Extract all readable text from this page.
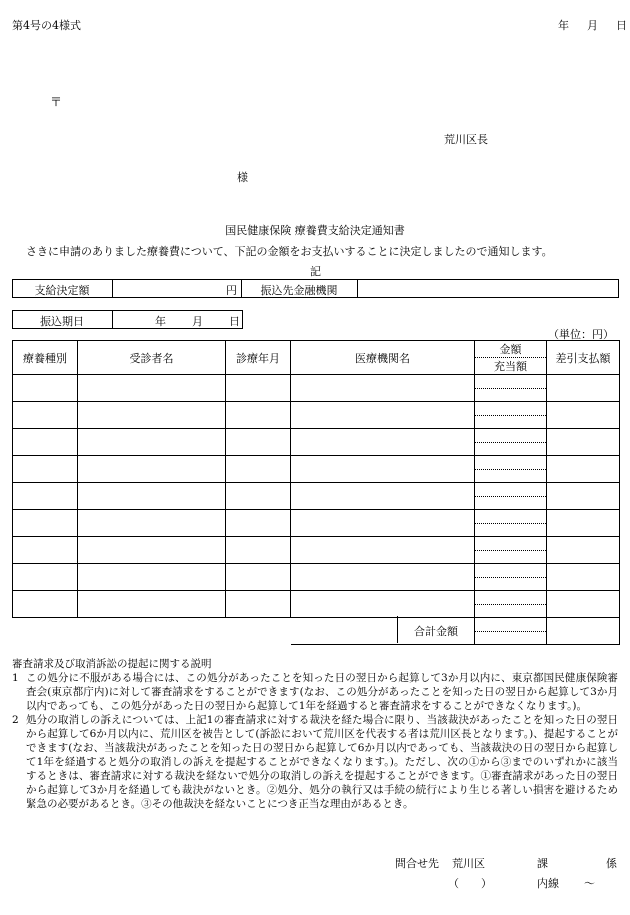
第4号の4様式	年 月 日
〒
荒川区長
様
国民健康保険 療養費支給決定通知書
さきに申請のありました療養費について、下記の金額をお支払いすることに決定しましたので通知します。
記
支給決定額	円	振込先金融機関
振込期日	年 月 日
（単位：円）
療養種別	受診者名	診療年月	医療機関名	金額	差引支払額
				充当額	

			合計金額	

審査請求及び取消訴訟の提起に関する説明

1 この処分に不服がある場合には、この処分があったことを知った日の翌日から起算して3か月以内に、東京都国民健康保険審査会(東京都庁内)に対して審査請求をすることができます(なお、この処分があったことを知った日の翌日から起算して3か月以内であっても、この処分があった日の翌日から起算して1年を経過すると審査請求をすることができなくなります。)。
2 処分の取消しの訴えについては、上記1の審査請求に対する裁決を経た場合に限り、当該裁決があったことを知った日の翌日から起算して6か月以内に、荒川区を被告として(訴訟において荒川区を代表する者は荒川区長となります。)、提起することができます(なお、当該裁決があったことを知った日の翌日から起算して6か月以内であっても、当該裁決の日の翌日から起算して1年を経過すると処分の取消しの訴えを提起することができなくなります。)。ただし、次の①から③までのいずれかに該当するときは、審査請求に対する裁決を経ないで処分の取消しの訴えを提起することができます。①審査請求があった日の翌日から起算して3か月を経過しても裁決がないとき。②処分、処分の執行又は手続の続行により生じる著しい損害を避けるため緊急の必要があるとき。③その他裁決を経ないことにつき正当な理由があるとき。
問合せ先 荒川区	課	係
（　　）	内線 ～
